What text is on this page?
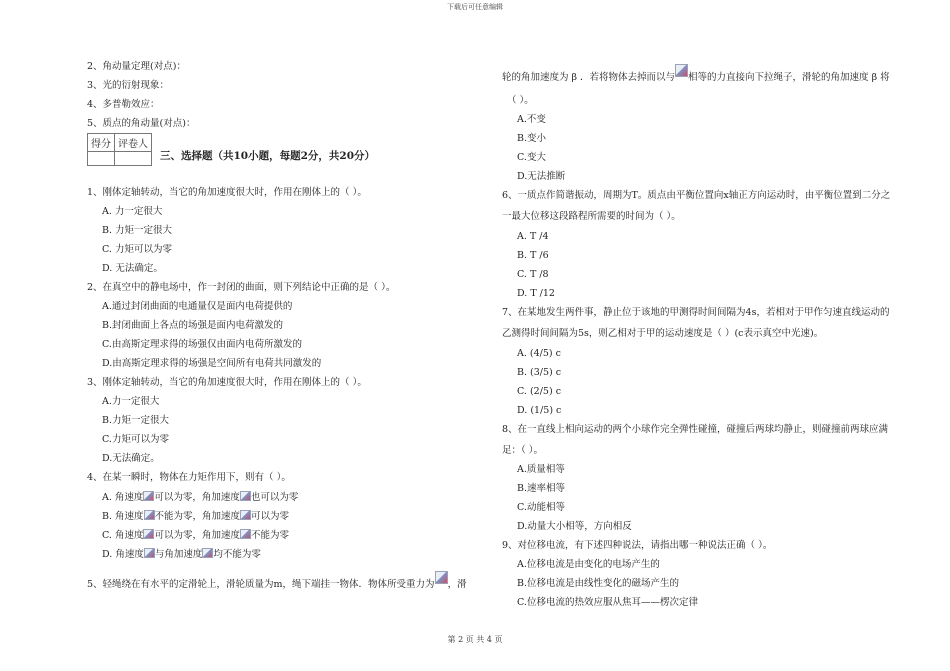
下载后可任意编辑
2、角动量定理(对点)：
3、光的衍射现象：
4、多普勒效应：
5、质点的角动量(对点)：
得分	评卷人

三、选择题（共10小题，每题2分，共20分）
1、刚体定轴转动，当它的角加速度很大时，作用在刚体上的（ ）。
A. 力一定很大
B. 力矩一定很大
C. 力矩可以为零
D. 无法确定。
2、在真空中的静电场中，作一封闭的曲面，则下列结论中正确的是（ ）。
A.通过封闭曲面的电通量仅是面内电荷提供的
B.封闭曲面上各点的场强是面内电荷激发的
C.由高斯定理求得的场强仅由面内电荷所激发的
D.由高斯定理求得的场强是空间所有电荷共同激发的
3、刚体定轴转动，当它的角加速度很大时，作用在刚体上的（ ）。
A.力一定很大
B.力矩一定很大
C.力矩可以为零
D.无法确定。
4、在某一瞬时，物体在力矩作用下，则有（ ）。
A. 角速度 可以为零，角加速度 也可以为零
B. 角速度 不能为零，角加速度 可以为零
C. 角速度 可以为零，角加速度 不能为零
D. 角速度 与角加速度 均不能为零
5、轻绳绕在有水平的定滑轮上，滑轮质量为m，绳下端挂一物体．物体所受重力为 ，滑
轮的角加速度为 β ．若将物体去掉而以与 相等的力直接向下拉绳子，滑轮的角加速度 β 将
（ ）。
A.不变
B.变小
C.变大
D.无法推断
6、一质点作简谐振动，周期为T。质点由平衡位置向x轴正方向运动时，由平衡位置到二分之
一最大位移这段路程所需要的时间为（ ）。
A. T /4
B. T /6
C. T /8
D. T /12
7、在某地发生两件事，静止位于该地的甲测得时间间隔为4s，若相对于甲作匀速直线运动的
乙测得时间间隔为5s，则乙相对于甲的运动速度是（ ）(c表示真空中光速)。
A. (4/5) c
B. (3/5) c
C. (2/5) c
D. (1/5) c
8、在一直线上相向运动的两个小球作完全弹性碰撞，碰撞后两球均静止，则碰撞前两球应满
足：（ ）。
A.质量相等
B.速率相等
C.动能相等
D.动量大小相等，方向相反
9、对位移电流，有下述四种说法，请指出哪一种说法正确（ ）。
A.位移电流是由变化的电场产生的
B.位移电流是由线性变化的磁场产生的
C.位移电流的热效应服从焦耳——楞次定律
第 2 页 共 4 页
